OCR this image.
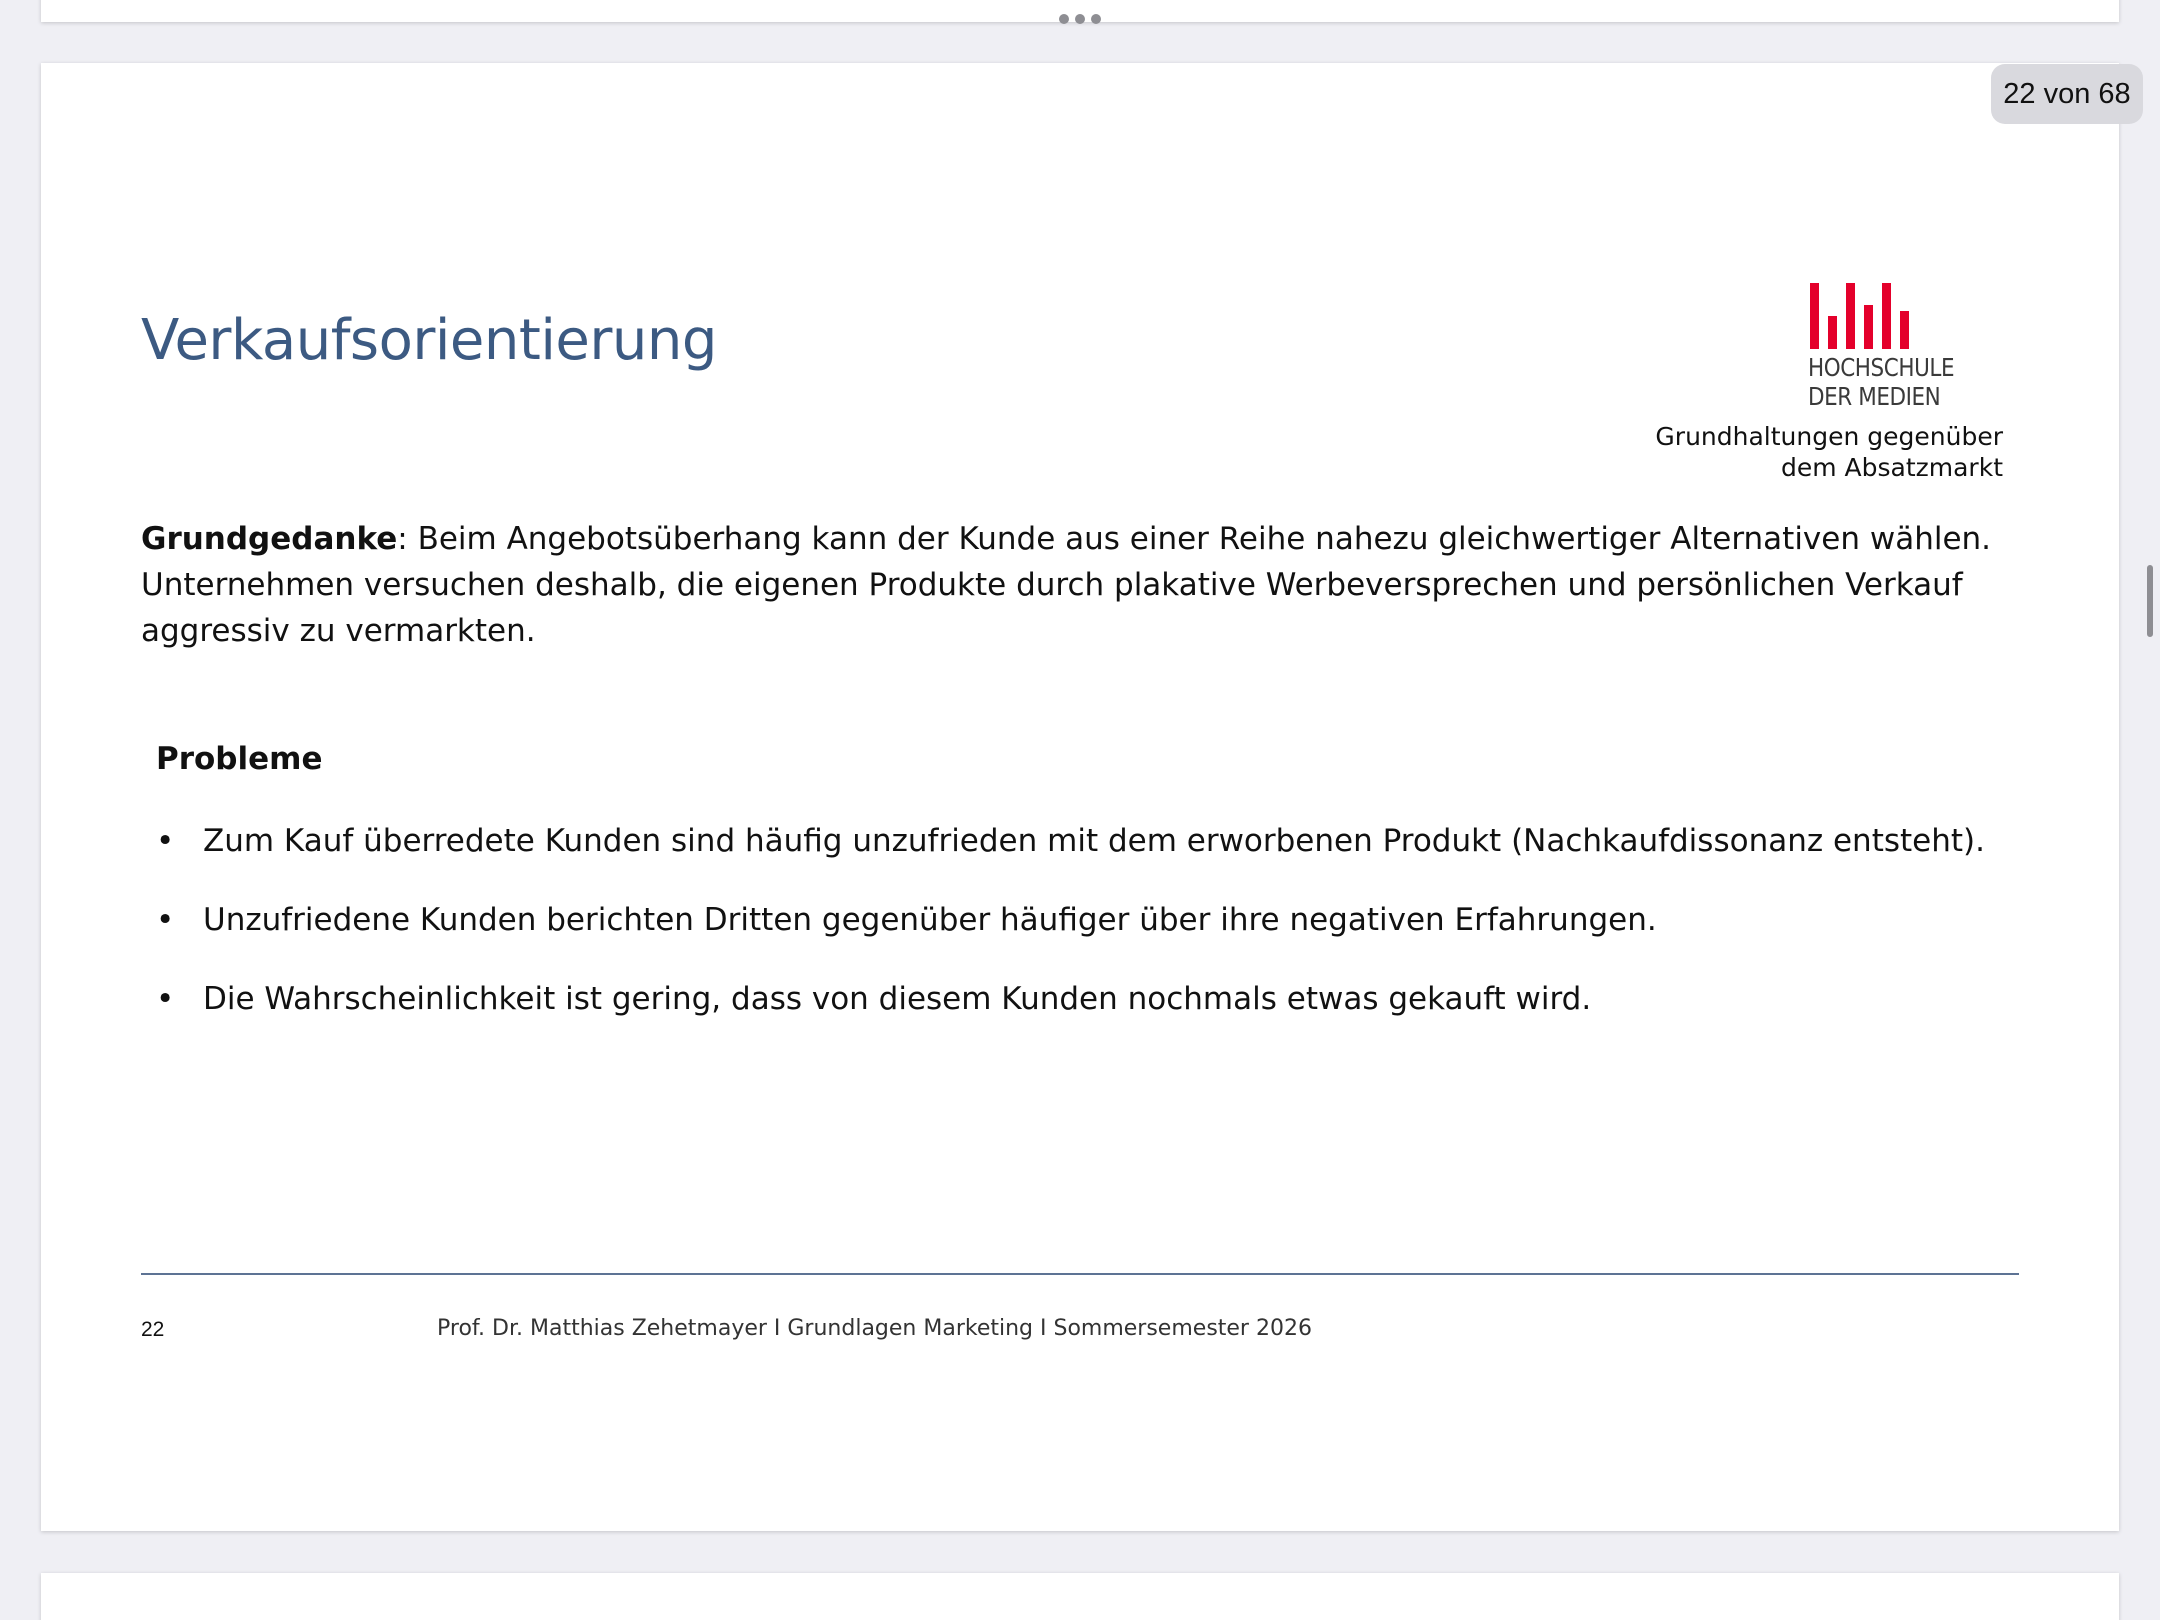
22 von 68
Verkaufsorientierung	HOCHSCHULE
DER MEDIEN
Grundhaltungen gegenüber
dem Absatzmarkt
Grundgedanke: Beim Angebotsüberhang kann der Kunde aus einer Reihe nahezu gleichwertiger Alternativen wählen.
Unternehmen versuchen deshalb, die eigenen Produkte durch plakative Werbeversprechen und persönlichen Verkauf
aggressiv zu vermarkten.
Probleme
• Zum Kauf überredete Kunden sind häufig unzufrieden mit dem erworbenen Produkt (Nachkaufdissonanz entsteht).
• Unzufriedene Kunden berichten Dritten gegenüber häufiger über ihre negativen Erfahrungen.
• Die Wahrscheinlichkeit ist gering, dass von diesem Kunden nochmals etwas gekauft wird.
22	Prof. Dr. Matthias Zehetmayer I Grundlagen Marketing I Sommersemester 2026
